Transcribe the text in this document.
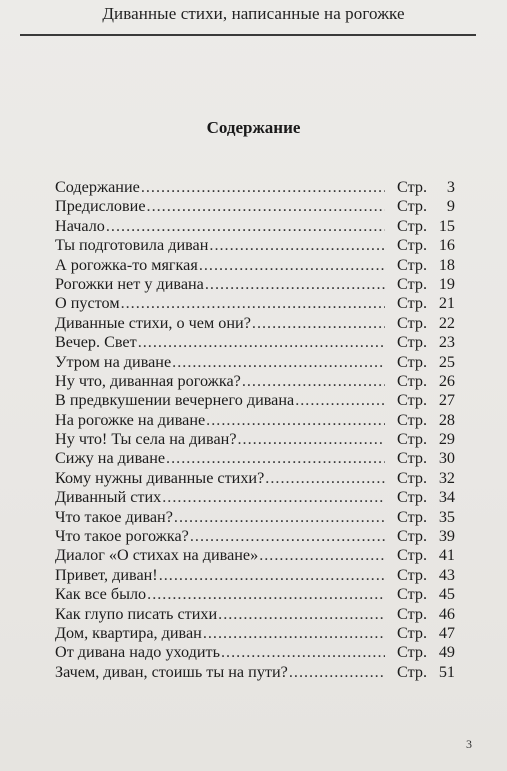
Диванные стихи, написанные на рогожке
Содержание
Содержание .....	Стр.	3
Предисловие .....	Стр.	9
Начало .....	Стр. 15
Ты подготовила диван .....	Стр. 16
А рогожка-то мягкая .....	Стр. 18
Рогожки нет у дивана .....	Стр. 19
О пустом .....	Стр. 21
Диванные стихи, о чем они? .....	Стр. 22
Вечер. Свет .....	Стр. 23
Утром на диване .....	Стр. 25
Ну что, диванная рогожка? .....	Стр. 26
В предвкушении вечернего дивана .....	Стр. 27
На рогожке на диване .....	Стр. 28
Ну что! Ты села на диван? .....	Стр. 29
Сижу на диване .....	Стр. 30
Кому нужны диванные стихи? .....	Стр. 32
Диванный стих .....	Стр. 34
Что такое диван? .....	Стр. 35
Что такое рогожка? .....	Стр. 39
Диалог «О стихах на диване» .....	Стр. 41
Привет, диван! .....	Стр. 43
Как все было .....	Стр. 45
Как глупо писать стихи .....	Стр. 46
Дом, квартира, диван .....	Стр. 47
От дивана надо уходить .....	Стр. 49
Зачем, диван, стоишь ты на пути? .....	Стр. 51
3
